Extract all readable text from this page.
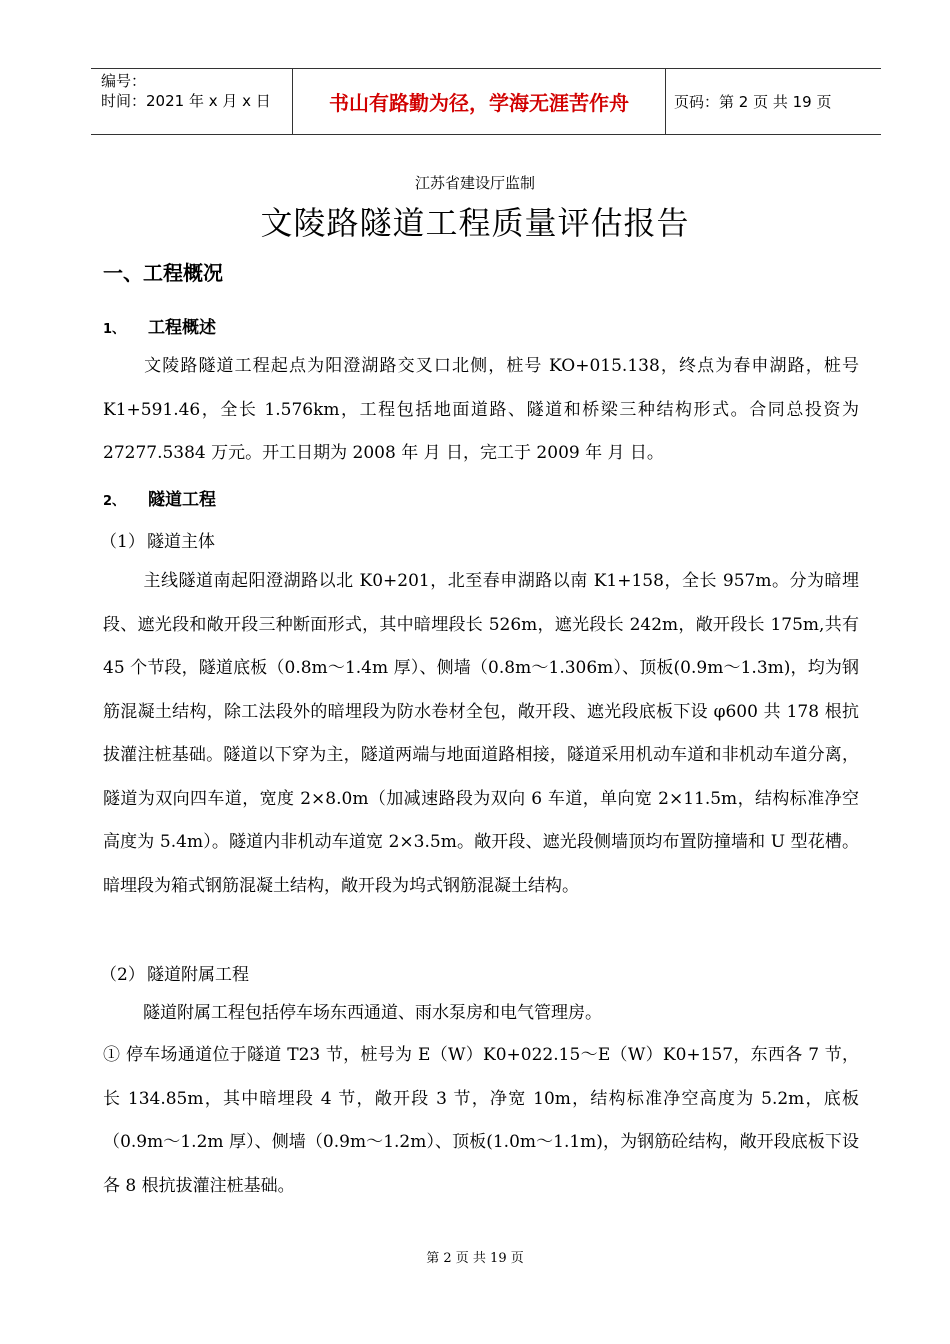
编号：
时间：2021 年 x 月 x 日	书山有路勤为径，学海无涯苦作舟	页码：第 2 页 共 19 页
江苏省建设厅监制
文陵路隧道工程质量评估报告
一、工程概况
1、 工程概述
文陵路隧道工程起点为阳澄湖路交叉口北侧，桩号 KO+015.138，终点为春申湖路，桩号 K1+591.46，全长 1.576km，工程包括地面道路、隧道和桥梁三种结构形式。合同总投资为 27277.5384 万元。开工日期为 2008 年 月 日，完工于 2009 年 月 日。
2、 隧道工程
（1） 隧道主体
主线隧道南起阳澄湖路以北 K0+201，北至春申湖路以南 K1+158，全长 957m。分为暗埋段、遮光段和敞开段三种断面形式，其中暗埋段长 526m，遮光段长 242m，敞开段长 175m,共有 45 个节段，隧道底板（0.8m～1.4m 厚）、侧墙（0.8m～1.306m）、顶板(0.9m～1.3m)，均为钢筋混凝土结构，除工法段外的暗埋段为防水卷材全包，敞开段、遮光段底板下设 φ600 共 178 根抗拔灌注桩基础。隧道以下穿为主，隧道两端与地面道路相接，隧道采用机动车道和非机动车道分离，隧道为双向四车道，宽度 2×8.0m（加减速路段为双向 6 车道，单向宽 2×11.5m，结构标准净空高度为 5.4m）。隧道内非机动车道宽 2×3.5m。敞开段、遮光段侧墙顶均布置防撞墙和 U 型花槽。暗埋段为箱式钢筋混凝土结构，敞开段为坞式钢筋混凝土结构。
（2） 隧道附属工程
隧道附属工程包括停车场东西通道、雨水泵房和电气管理房。
① 停车场通道位于隧道 T23 节，桩号为 E（W）K0+022.15～E（W）K0+157，东西各 7 节，长 134.85m，其中暗埋段 4 节，敞开段 3 节，净宽 10m，结构标准净空高度为 5.2m，底板（0.9m～1.2m 厚）、侧墙（0.9m～1.2m）、顶板(1.0m～1.1m)，为钢筋砼结构，敞开段底板下设各 8 根抗拔灌注桩基础。
第 2 页 共 19 页
